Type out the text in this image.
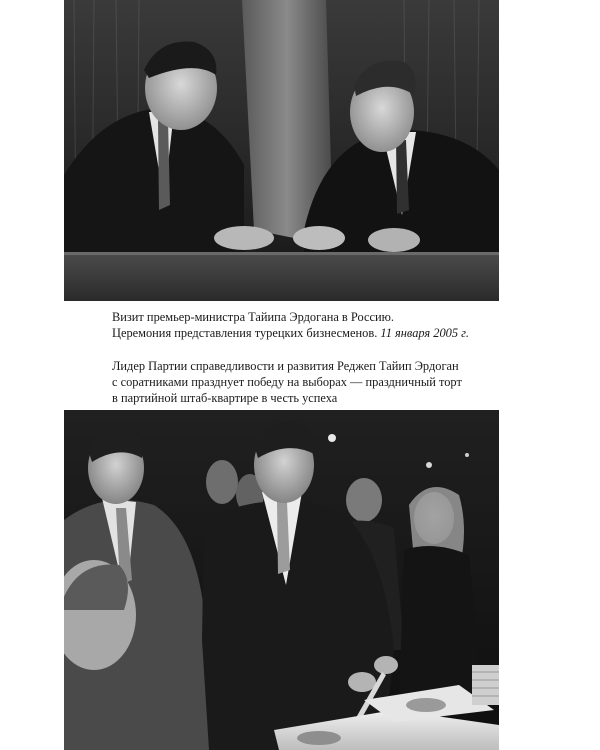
Визит премьер-министра Тайипа Эрдогана в Россию.
Церемония представления турецких бизнесменов. 11 января 2005 г.

Лидер Партии справедливости и развития Реджеп Тайип Эрдоган
с соратниками празднует победу на выборах — праздничный торт
в партийной штаб-квартире в честь успеха
